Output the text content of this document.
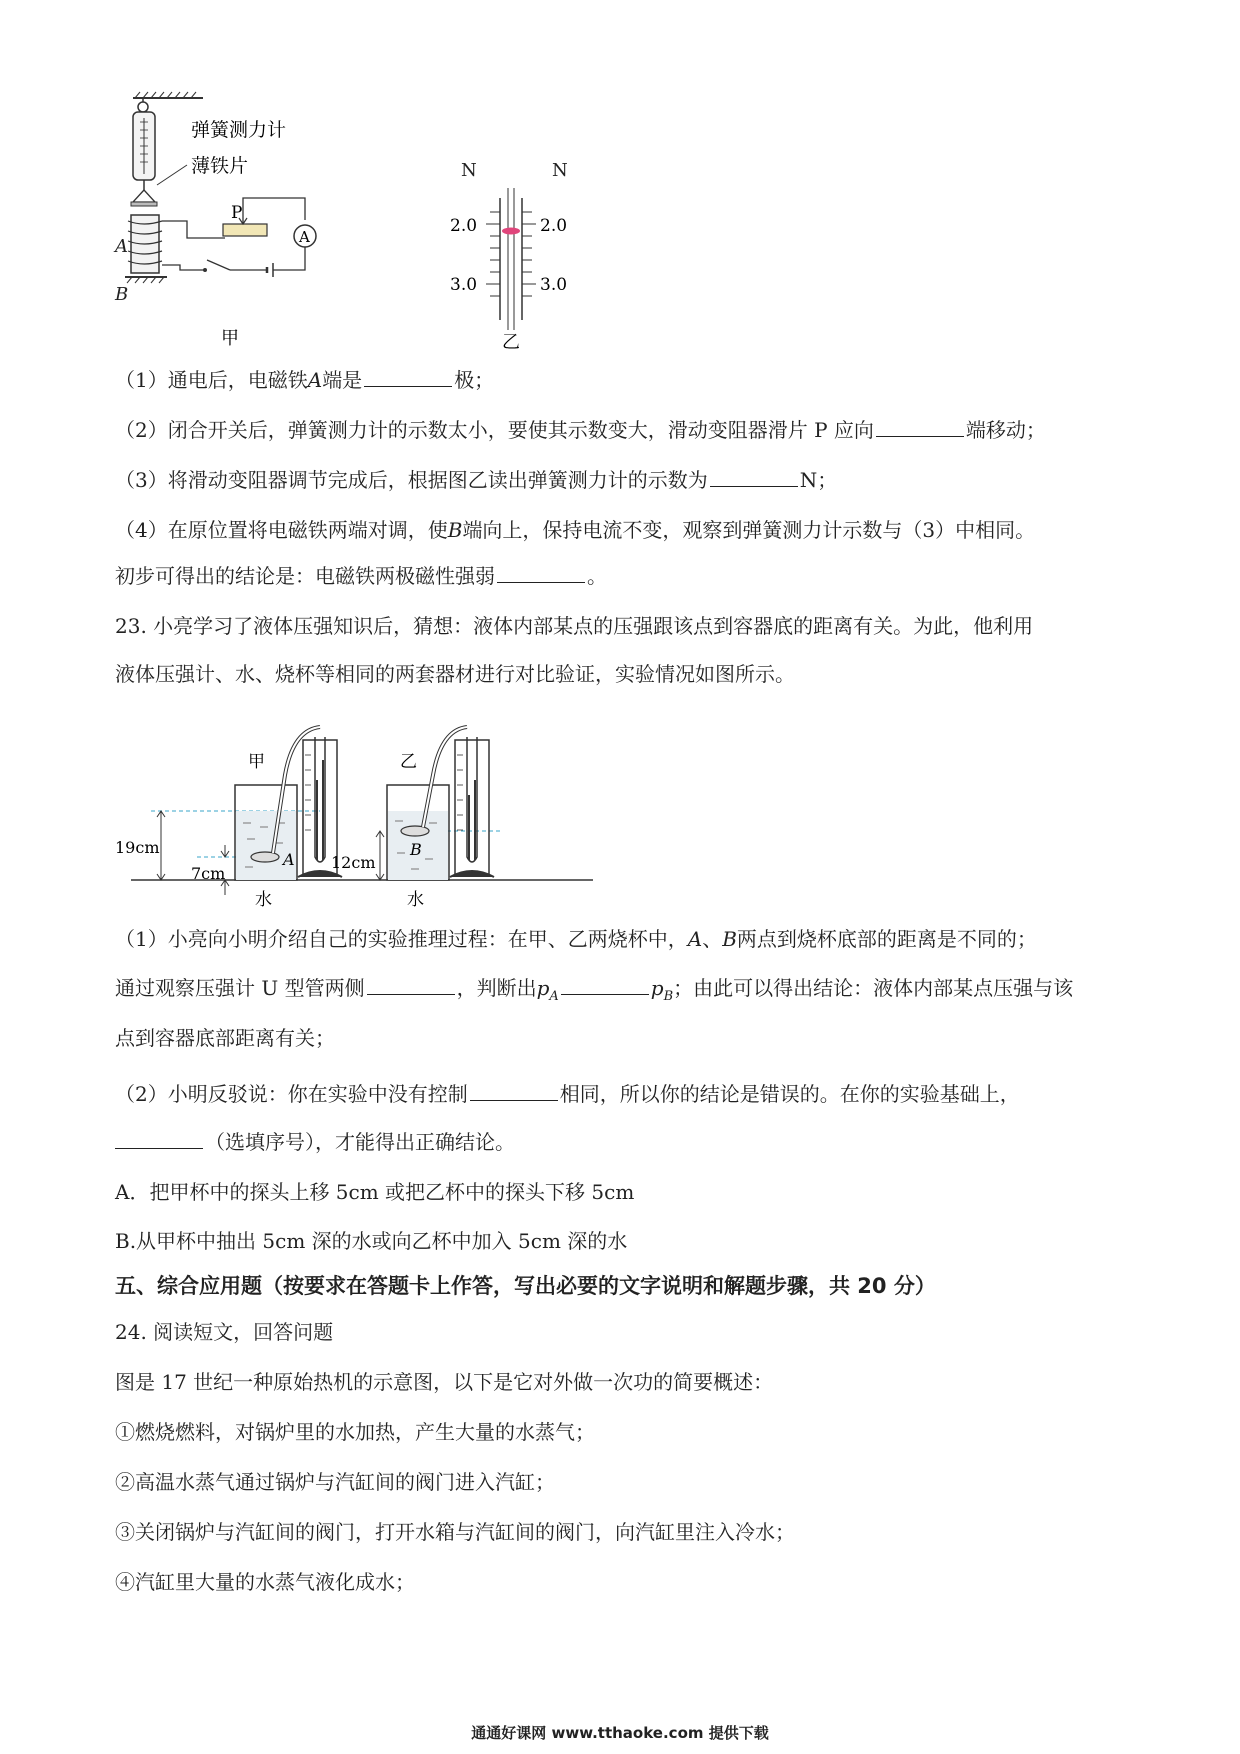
弹簧测力计
薄铁片
P
A
甲
A
B
2.0	2.0
3.0	3.0
乙
N	N
（1）通电后，电磁铁A端是	极；
（2）闭合开关后，弹簧测力计的示数太小，要使其示数变大，滑动变阻器滑片 P 应向	端移动；
（3）将滑动变阻器调节完成后，根据图乙读出弹簧测力计的示数为	N；
（4）在原位置将电磁铁两端对调，使B端向上，保持电流不变，观察到弹簧测力计示数与（3）中相同。
初步可得出的结论是：电磁铁两极磁性强弱	。
23. 小亮学习了液体压强知识后，猜想：液体内部某点的压强跟该点到容器底的距离有关。为此，他利用
液体压强计、水、烧杯等相同的两套器材进行对比验证，实验情况如图所示。
甲	乙
19cm
7cm
12cm
A
B
水	水
（1）小亮向小明介绍自己的实验推理过程：在甲、乙两烧杯中，A、B两点到烧杯底部的距离是不同的；
通过观察压强计 U 型管两侧	，判断出$p_A$	$p_B$；由此可以得出结论：液体内部某点压强与该
点到容器底部距离有关；
（2）小明反驳说：你在实验中没有控制	相同，所以你的结论是错误的。在你的实验基础上，
（选填序号），才能得出正确结论。
A．把甲杯中的探头上移 5cm 或把乙杯中的探头下移 5cm
B.从甲杯中抽出 5cm 深的水或向乙杯中加入 5cm 深的水
五、综合应用题（按要求在答题卡上作答，写出必要的文字说明和解题步骤，共 20 分）
24. 阅读短文，回答问题
图是 17 世纪一种原始热机的示意图，以下是它对外做一次功的简要概述：
①燃烧燃料，对锅炉里的水加热，产生大量的水蒸气；
②高温水蒸气通过锅炉与汽缸间的阀门进入汽缸；
③关闭锅炉与汽缸间的阀门，打开水箱与汽缸间的阀门，向汽缸里注入冷水；
④汽缸里大量的水蒸气液化成水；
通通好课网 www.tthaoke.com 提供下载
